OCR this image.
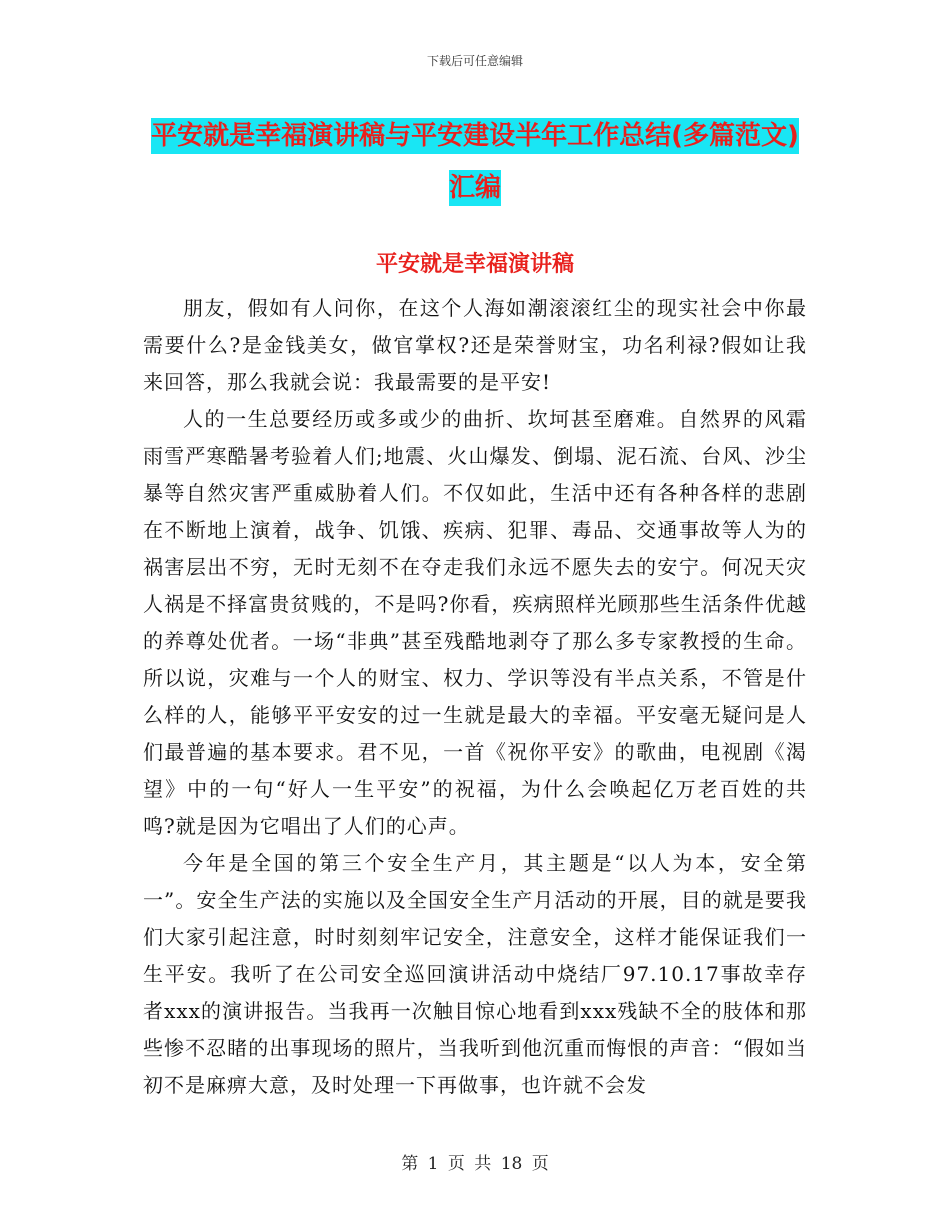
下载后可任意编辑
平安就是幸福演讲稿与平安建设半年工作总结(多篇范文)汇编
平安就是幸福演讲稿

朋友，假如有人问你，在这个人海如潮滚滚红尘的现实社会中你最需要什么?是金钱美女，做官掌权?还是荣誉财宝，功名利禄?假如让我来回答，那么我就会说：我最需要的是平安!

人的一生总要经历或多或少的曲折、坎坷甚至磨难。自然界的风霜雨雪严寒酷暑考验着人们;地震、火山爆发、倒塌、泥石流、台风、沙尘暴等自然灾害严重威胁着人们。不仅如此，生活中还有各种各样的悲剧在不断地上演着，战争、饥饿、疾病、犯罪、毒品、交通事故等人为的祸害层出不穷，无时无刻不在夺走我们永远不愿失去的安宁。何况天灾人祸是不择富贵贫贱的，不是吗?你看，疾病照样光顾那些生活条件优越的养尊处优者。一场“非典”甚至残酷地剥夺了那么多专家教授的生命。所以说，灾难与一个人的财宝、权力、学识等没有半点关系，不管是什么样的人，能够平平安安的过一生就是最大的幸福。平安毫无疑问是人们最普遍的基本要求。君不见，一首《祝你平安》的歌曲，电视剧《渴望》中的一句“好人一生平安”的祝福，为什么会唤起亿万老百姓的共鸣?就是因为它唱出了人们的心声。

今年是全国的第三个安全生产月，其主题是“以人为本，安全第一”。安全生产法的实施以及全国安全生产月活动的开展，目的就是要我们大家引起注意，时时刻刻牢记安全，注意安全，这样才能保证我们一生平安。我听了在公司安全巡回演讲活动中烧结厂97.10.17事故幸存者xxx的演讲报告。当我再一次触目惊心地看到xxx残缺不全的肢体和那些惨不忍睹的出事现场的照片，当我听到他沉重而悔恨的声音：“假如当初不是麻痹大意，及时处理一下再做事，也许就不会发

第 1 页 共 18 页
